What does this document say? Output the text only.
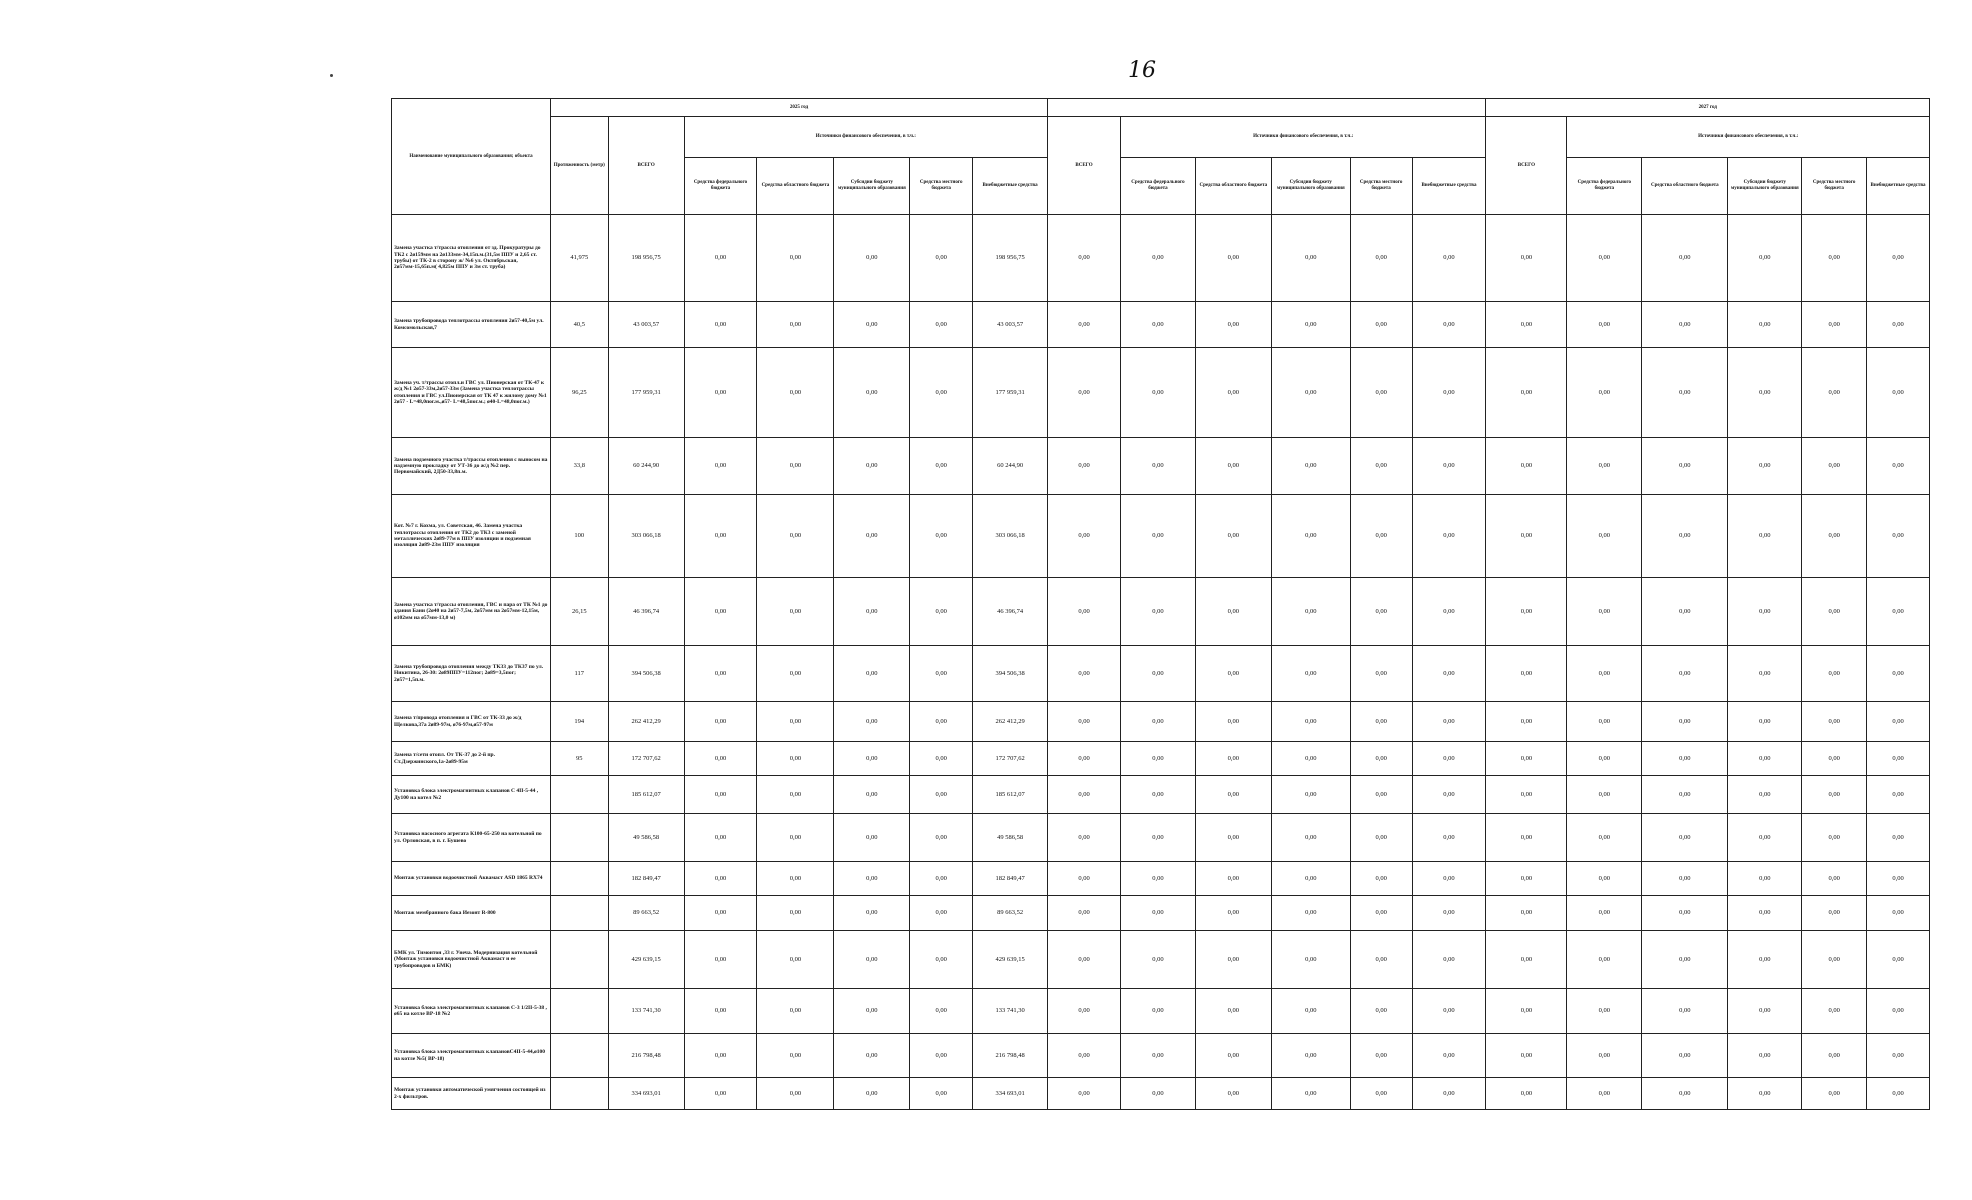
16
Наименование муниципального образования; объекта	2025 год													2027 год					
	Протяженность (метр)	ВСЕГО	Источники финансового обеспечения, в т.ч.:					ВСЕГО	Источники финансового обеспечения, в т.ч.:					ВСЕГО	Источники финансового обеспечения, в т.ч.:				
			Средства федерального бюджета	Средства областного бюджета	Субсидии бюджету муниципального образования	Средства местного бюджета	Внебюджетные средства		Средства федерального бюджета	Средства областного бюджета	Субсидии бюджету муниципального образования	Средства местного бюджета	Внебюджетные средства		Средства федерального бюджета	Средства областного бюджета	Субсидии бюджету муниципального образования	Средства местного бюджета	Внебюджетные средства
Замена участка т/трассы отопления от зд. Прокуратуры до ТК2 с 2ø159мм на 2ø133мм-34,15п.м.(31,5м ППУ и 2,65 ст. трубы) от ТК-2 в сторону ж/ №6 ул. Октябрьская, 2ø57мм-15,65п.м( 4,825м ППУ и 3м ст. труба)	41,975	198 956,75	0,00	0,00	0,00	0,00	198 956,75	0,00	0,00	0,00	0,00	0,00	0,00	0,00	0,00	0,00	0,00	0,00	0,00
Замена трубопровода теплотрассы отопления 2ø57-40,5м ул. Комсомольская,7	40,5	43 003,57	0,00	0,00	0,00	0,00	43 003,57	0,00	0,00	0,00	0,00	0,00	0,00	0,00	0,00	0,00	0,00	0,00	0,00
Замена уч. т/трассы отопл.и ГВС ул. Пионерская от ТК-47 к ж/д №1 2ø57-33м,2ø57-33м (Замена участка теплотрассы отопления и ГВС ул.Пионерская от ТК 47 к жилому дому №1 2ø57 - L=48,0пог.м.,ø57- L=48,5пог.м.; ø40-L=48,0пог.м.)	96,25	177 959,31	0,00	0,00	0,00	0,00	177 959,31	0,00	0,00	0,00	0,00	0,00	0,00	0,00	0,00	0,00	0,00	0,00	0,00
Замена подземного участка т/трассы отопления с выносом на надземную прокладку от УТ-36 до ж/д №2 пер. Первомайский, 2Д50-33,8п.м.	33,8	60 244,90	0,00	0,00	0,00	0,00	60 244,90	0,00	0,00	0,00	0,00	0,00	0,00	0,00	0,00	0,00	0,00	0,00	0,00
Кот. №7 г. Кохма, ул. Советская, 46. Замена участка теплотрассы отопления от ТК2 до ТК3 с заменой металлических 2ø89-77м в ППУ изоляции и подземная изоляция 2ø89-23м ППУ изоляция	100	303 066,18	0,00	0,00	0,00	0,00	303 066,18	0,00	0,00	0,00	0,00	0,00	0,00	0,00	0,00	0,00	0,00	0,00	0,00
Замена участка т/трассы отопления, ГВС и пара от ТК №1 до здания Бани (2ø40 на 2ø57-7,5м, 2ø57мм на 2ø57мм-12,15м, ø102мм на ø57мм-13,0 м)	26,15	46 396,74	0,00	0,00	0,00	0,00	46 396,74	0,00	0,00	0,00	0,00	0,00	0,00	0,00	0,00	0,00	0,00	0,00	0,00
Замена трубопровода отопления между ТК33 до ТК37 по ул. Никитина, 26-30: 2ø89ППУ=112пог; 2ø89=3,5пог; 2ø57=1,5п.м.	117	394 506,38	0,00	0,00	0,00	0,00	394 506,38	0,00	0,00	0,00	0,00	0,00	0,00	0,00	0,00	0,00	0,00	0,00	0,00
Замена т/провода отопления и ГВС от ТК-33 до ж/д Щелкова,37а 2ø89-97м, ø76-97м,ø57-97м	194	262 412,29	0,00	0,00	0,00	0,00	262 412,29	0,00	0,00	0,00	0,00	0,00	0,00	0,00	0,00	0,00	0,00	0,00	0,00
Замена т/сети отопл. От ТК-37 до 2-й пр. Ст.Дзержинского,1а-2ø89-95м	95	172 707,62	0,00	0,00	0,00	0,00	172 707,62	0,00	0,00	0,00	0,00	0,00	0,00	0,00	0,00	0,00	0,00	0,00	0,00
Установка блока электромагнитных клапанов С 4II-5-44 , Ду100 на котел №2		185 612,07	0,00	0,00	0,00	0,00	185 612,07	0,00	0,00	0,00	0,00	0,00	0,00	0,00	0,00	0,00	0,00	0,00	0,00
Установка насосного агрегата К100-65-250 на котельной по ул. Орловская, в п. г. Бушево		49 586,58	0,00	0,00	0,00	0,00	49 586,58	0,00	0,00	0,00	0,00	0,00	0,00	0,00	0,00	0,00	0,00	0,00	0,00
Монтаж установки водоочистной Аквамаст ASD 1865 RX74		182 849,47	0,00	0,00	0,00	0,00	182 849,47	0,00	0,00	0,00	0,00	0,00	0,00	0,00	0,00	0,00	0,00	0,00	0,00
Монтаж мембранного бака Иезонт R-800		89 663,52	0,00	0,00	0,00	0,00	89 663,52	0,00	0,00	0,00	0,00	0,00	0,00	0,00	0,00	0,00	0,00	0,00	0,00
БМК ул. Тимонтон ,33 г. Унеча. Модернизация котельной (Монтаж установки водоочистной Аквамаст и ее трубопроводов и БМК)		429 639,15	0,00	0,00	0,00	0,00	429 639,15	0,00	0,00	0,00	0,00	0,00	0,00	0,00	0,00	0,00	0,00	0,00	0,00
Установка блока электромагнитных клапанов С-3 1/2II-5-38 , ø65 на котле ВР-18 №2		133 741,30	0,00	0,00	0,00	0,00	133 741,30	0,00	0,00	0,00	0,00	0,00	0,00	0,00	0,00	0,00	0,00	0,00	0,00
Установка блока электромагнитных клапановС4II-5-44,ø100 на котле №5( ВР-18)		216 798,48	0,00	0,00	0,00	0,00	216 798,48	0,00	0,00	0,00	0,00	0,00	0,00	0,00	0,00	0,00	0,00	0,00	0,00
Монтаж установки автоматической умягчения состоящей из 2-х фильтров.		334 693,01	0,00	0,00	0,00	0,00	334 693,01	0,00	0,00	0,00	0,00	0,00	0,00	0,00	0,00	0,00	0,00	0,00	0,00
